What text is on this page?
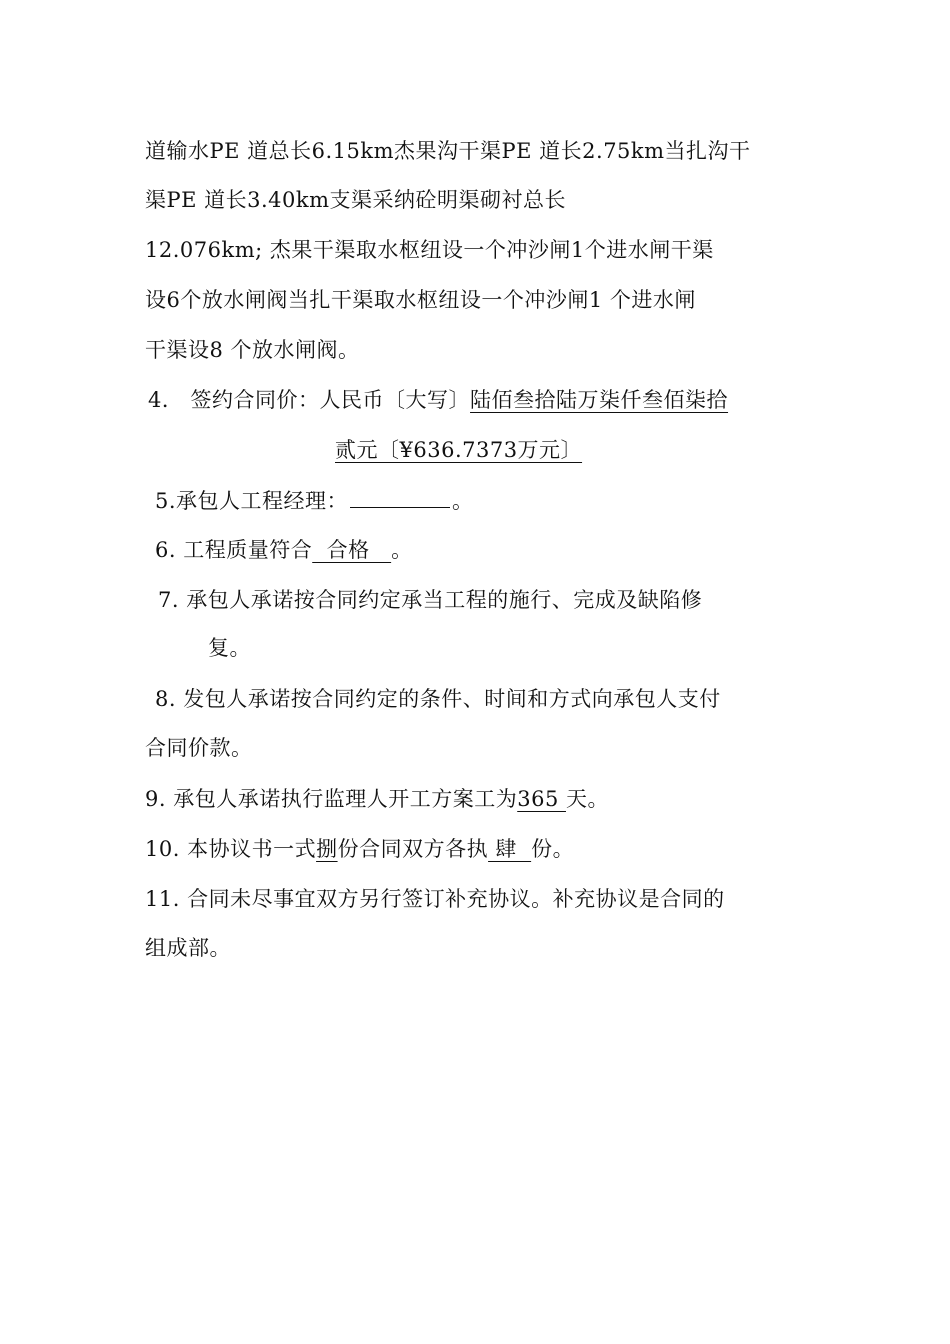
道输水PE 道总长6.15km杰果沟干渠PE 道长2.75km当扎沟干
渠PE 道长3.40km支渠采纳砼明渠砌衬总长
12.076km; 杰果干渠取水枢纽设一个冲沙闸1个进水闸干渠
设6个放水闸阀当扎干渠取水枢纽设一个冲沙闸1 个进水闸
干渠设8 个放水闸阀。
4． 签约合同价：人民币〔大写〕陆佰叁拾陆万柒仟叁佰柒拾
贰元〔¥636.7373万元〕
5.承包人工程经理：	。
6. 工程质量符合  合格   。
7. 承包人承诺按合同约定承当工程的施行、完成及缺陷修
复。
8. 发包人承诺按合同约定的条件、时间和方式向承包人支付
合同价款。
9. 承包人承诺执行监理人开工方案工为365 天。
10. 本协议书一式捌份合同双方各执 肆  份。
11. 合同未尽事宜双方另行签订补充协议。补充协议是合同的
组成部。
